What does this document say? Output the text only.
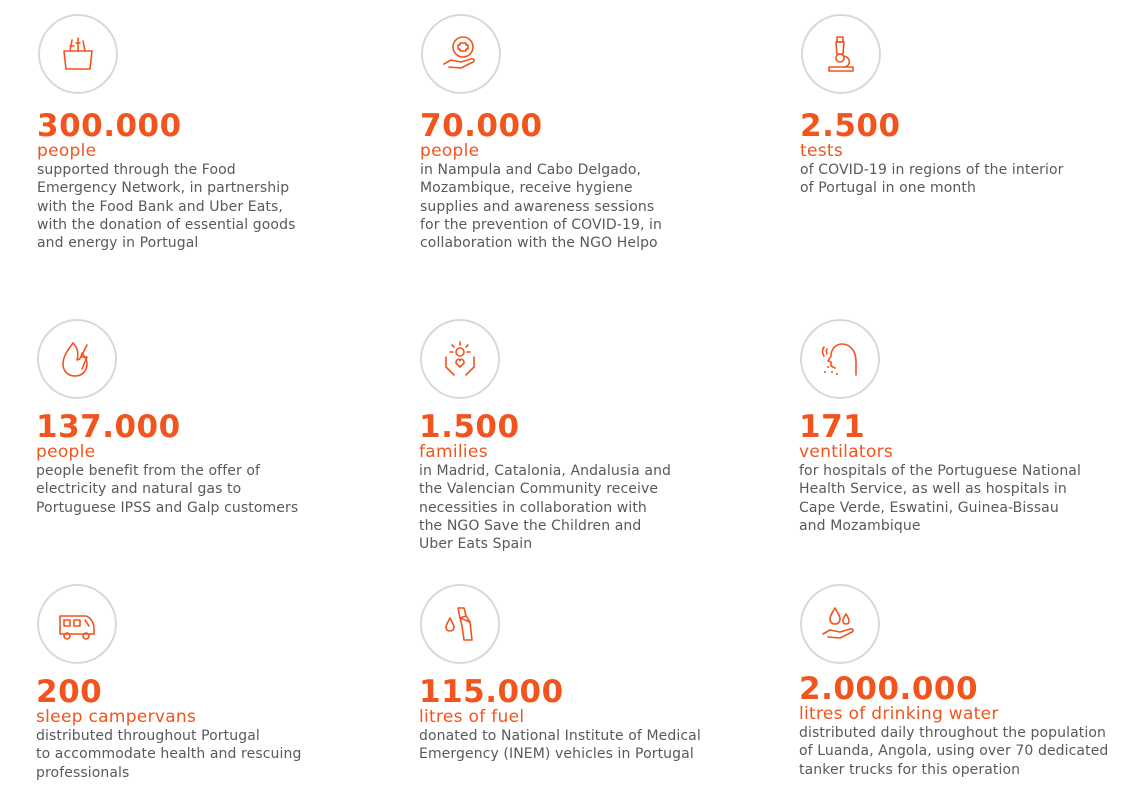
300.000

people

supported through the Food
Emergency Network, in partnership
with the Food Bank and Uber Eats,
with the donation of essential goods
and energy in Portugal

70.000

people

in Nampula and Cabo Delgado,
Mozambique, receive hygiene
supplies and awareness sessions
for the prevention of COVID-19, in
collaboration with the NGO Helpo

2.500

tests

of COVID-19 in regions of the interior
of Portugal in one month

137.000

people

people benefit from the offer of
electricity and natural gas to
Portuguese IPSS and Galp customers

1.500

families

in Madrid, Catalonia, Andalusia and
the Valencian Community receive
necessities in collaboration with
the NGO Save the Children and
Uber Eats Spain

171

ventilators

for hospitals of the Portuguese National
Health Service, as well as hospitals in
Cape Verde, Eswatini, Guinea-Bissau
and Mozambique

200

sleep campervans

distributed throughout Portugal
to accommodate health and rescuing
professionals

115.000

litres of fuel

donated to National Institute of Medical
Emergency (INEM) vehicles in Portugal

2.000.000

litres of drinking water

distributed daily throughout the population
of Luanda, Angola, using over 70 dedicated
tanker trucks for this operation
